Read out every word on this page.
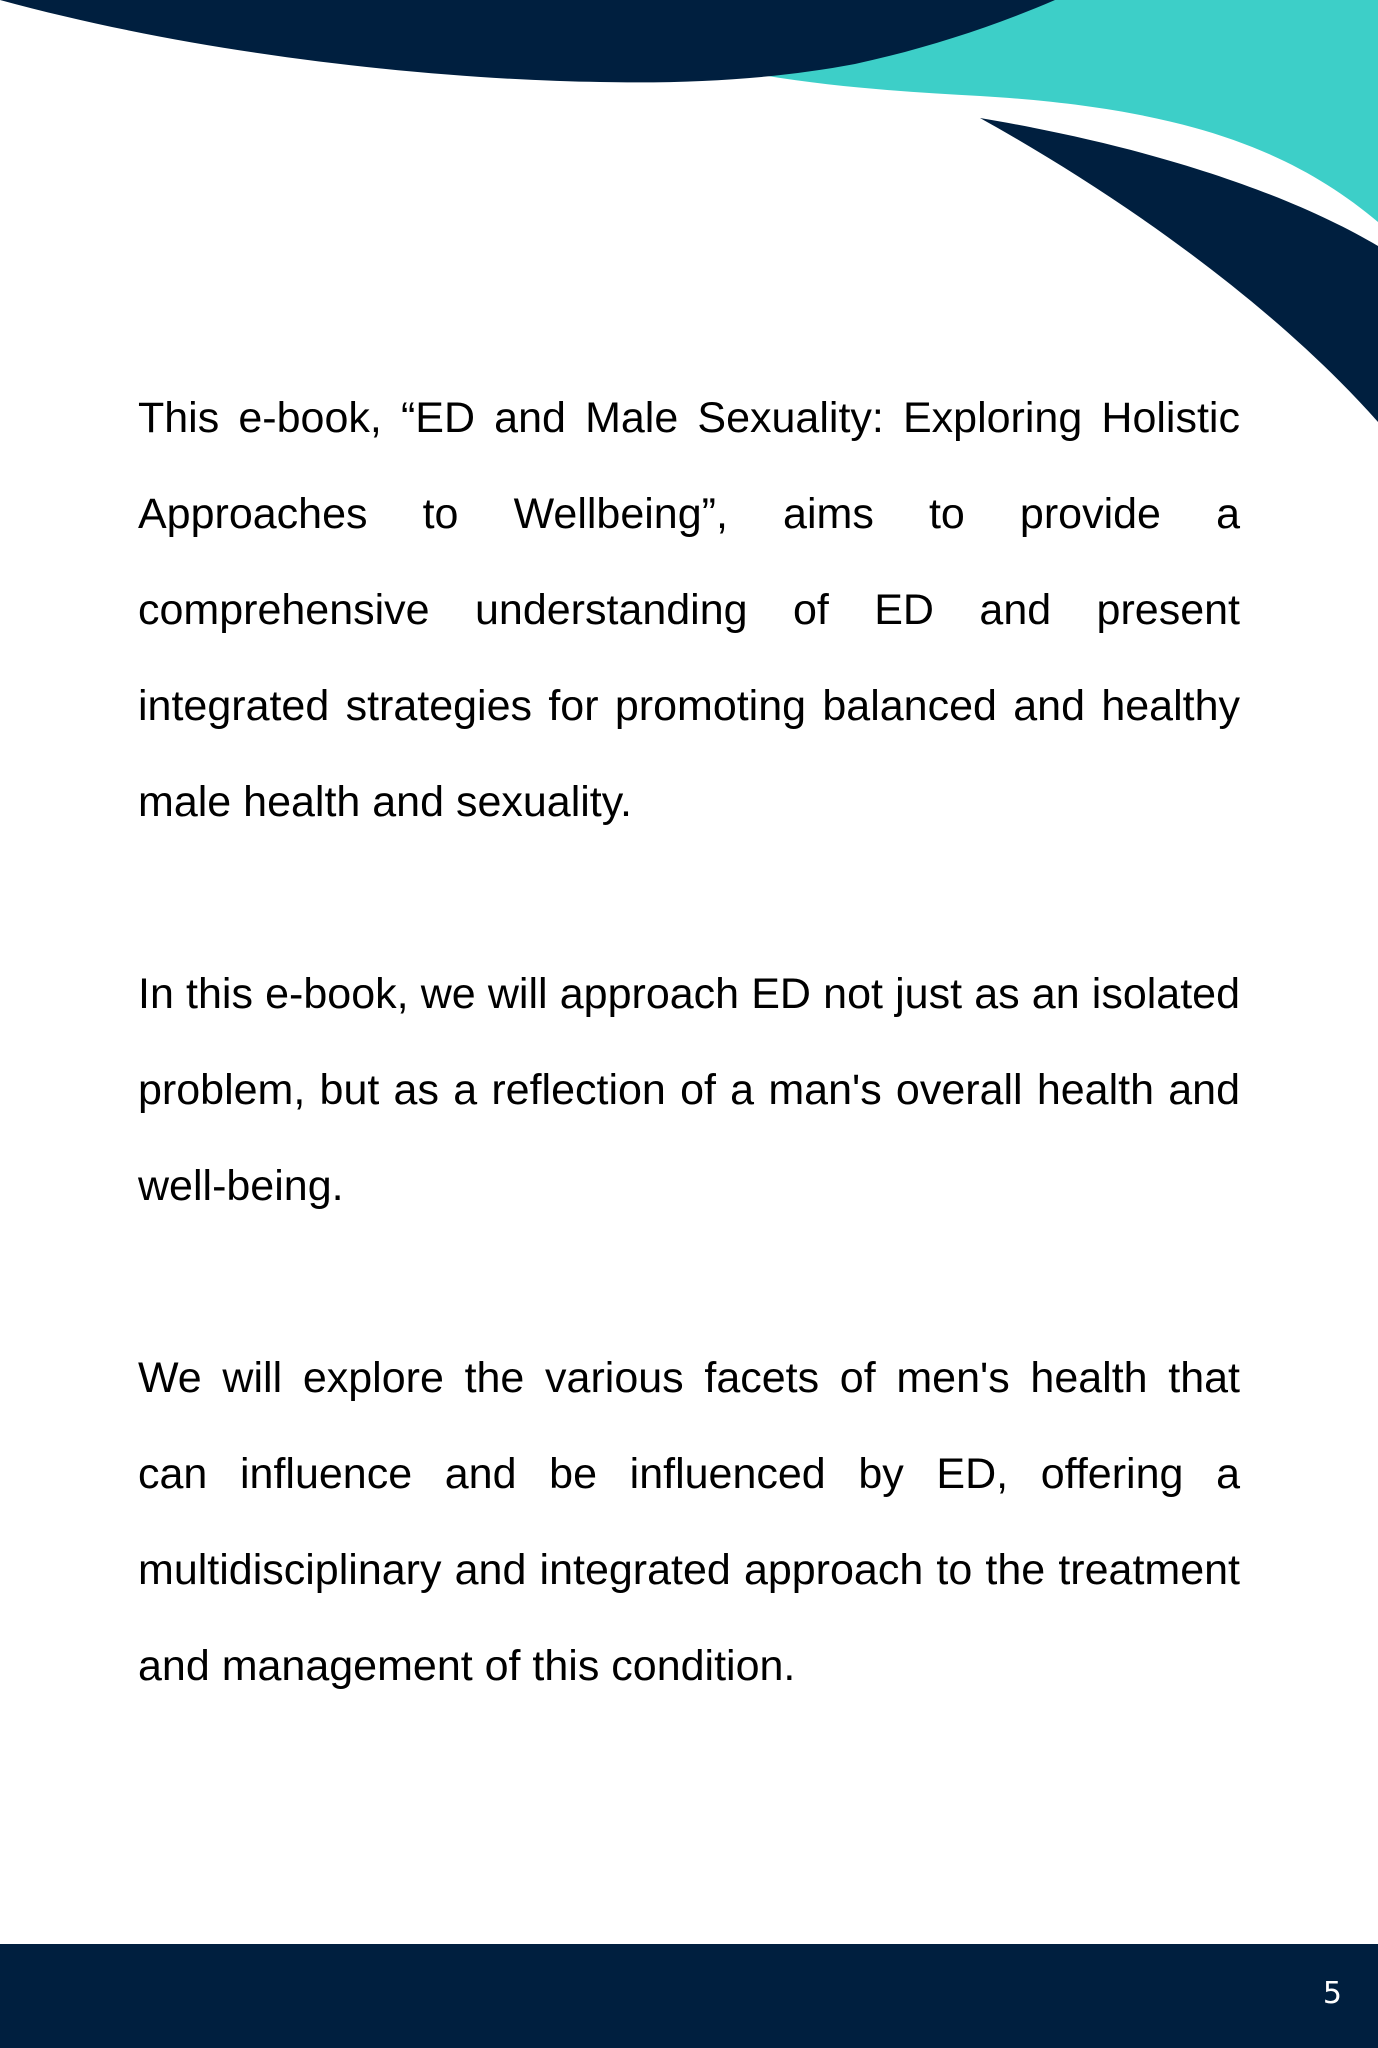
This e-book, “ED and Male Sexuality: Exploring Holistic Approaches to Wellbeing”, aims to provide a comprehensive understanding of ED and present integrated strategies for promoting balanced and healthy male health and sexuality.

In this e-book, we will approach ED not just as an isolated problem, but as a reflection of a man's overall health and well-being.

We will explore the various facets of men's health that can influence and be influenced by ED, offering a multidisciplinary and integrated approach to the treatment and management of this condition.

5
